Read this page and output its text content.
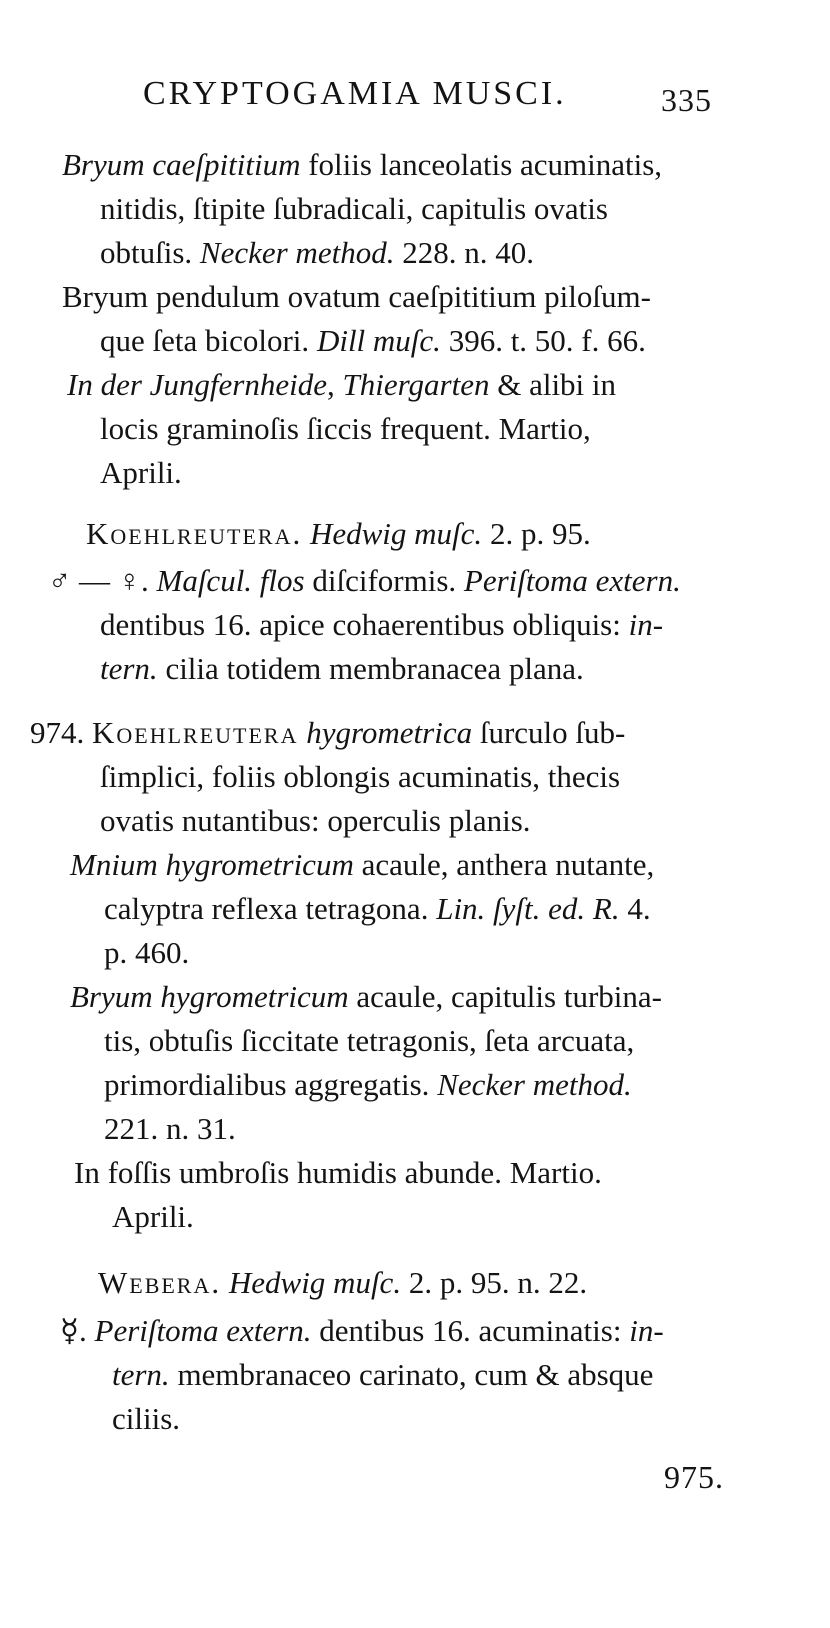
CRYPTOGAMIA MUSCI.	335
Bryum caeſpititium foliis lanceolatis acuminatis,
nitidis, ſtipite ſubradicali, capitulis ovatis
obtuſis. Necker method. 228. n. 40.
Bryum pendulum ovatum caeſpititium piloſum-
que ſeta bicolori. Dill muſc. 396. t. 50. f. 66.
In der Jungfernheide, Thiergarten & alibi in
locis graminoſis ſiccis frequent. Martio,
Aprili.
Koehlreutera. Hedwig muſc. 2. p. 95.
♂ — ♀. Maſcul. flos diſciformis. Periſtoma extern.
dentibus 16. apice cohaerentibus obliquis: in-
tern. cilia totidem membranacea plana.
974. Koehlreutera hygrometrica ſurculo ſub-
ſimplici, foliis oblongis acuminatis, thecis
ovatis nutantibus: operculis planis.
Mnium hygrometricum acaule, anthera nutante,
calyptra reflexa tetragona. Lin. ſyſt. ed. R. 4.
p. 460.
Bryum hygrometricum acaule, capitulis turbina-
tis, obtuſis ſiccitate tetragonis, ſeta arcuata,
primordialibus aggregatis. Necker method.
221. n. 31.
In foſſis umbroſis humidis abunde. Martio.
Aprili.
Webera. Hedwig muſc. 2. p. 95. n. 22.
☿. Periſtoma extern. dentibus 16. acuminatis: in-
tern. membranaceo carinato, cum & absque
ciliis.
975.
